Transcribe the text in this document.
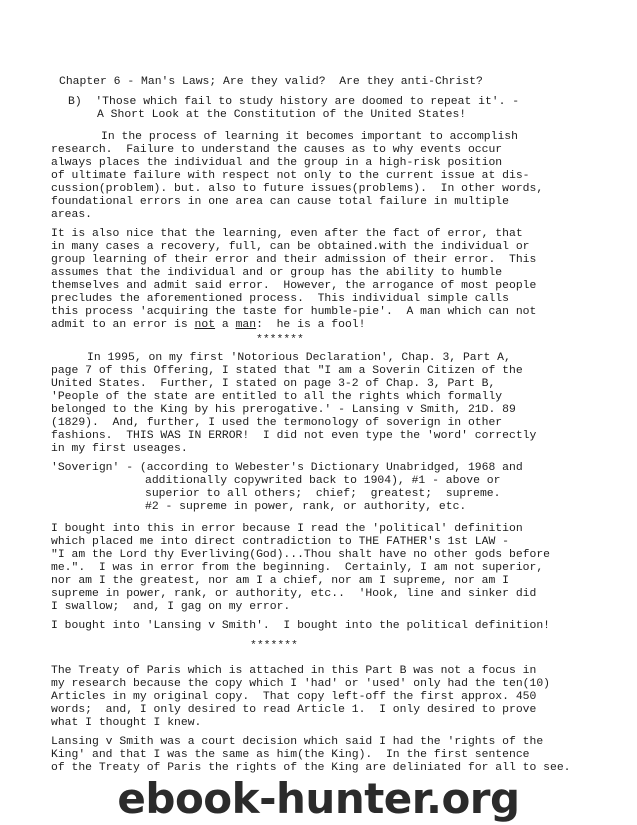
Chapter 6 - Man's Laws; Are they valid?  Are they anti-Christ?
B)  'Those which fail to study history are doomed to repeat it'. -
A Short Look at the Constitution of the United States!
In the process of learning it becomes important to accomplish
research.  Failure to understand the causes as to why events occur
always places the individual and the group in a high-risk position
of ultimate failure with respect not only to the current issue at dis-
cussion(problem). but. also to future issues(problems).  In other words,
foundational errors in one area can cause total failure in multiple
areas.
It is also nice that the learning, even after the fact of error, that
in many cases a recovery, full, can be obtained.with the individual or
group learning of their error and their admission of their error.  This
assumes that the individual and or group has the ability to humble
themselves and admit said error.  However, the arrogance of most people
precludes the aforementioned process.  This individual simple calls
this process 'acquiring the taste for humble-pie'.  A man which can not
admit to an error is not a man:  he is a fool!
*******
In 1995, on my first 'Notorious Declaration', Chap. 3, Part A,
page 7 of this Offering, I stated that "I am a Soverin Citizen of the
United States.  Further, I stated on page 3-2 of Chap. 3, Part B,
'People of the state are entitled to all the rights which formally
belonged to the King by his prerogative.' - Lansing v Smith, 21D. 89
(1829).  And, further, I used the termonology of soverign in other
fashions.  THIS WAS IN ERROR!  I did not even type the 'word' correctly
in my first useages.
'Soverign' - (according to Webester's Dictionary Unabridged, 1968 and
additionally copywrited back to 1904), #1 - above or
superior to all others;  chief;  greatest;  supreme.
#2 - supreme in power, rank, or authority, etc.
I bought into this in error because I read the 'political' definition
which placed me into direct contradiction to THE FATHER's 1st LAW -
"I am the Lord thy Everliving(God)...Thou shalt have no other gods before
me.".  I was in error from the beginning.  Certainly, I am not superior,
nor am I the greatest, nor am I a chief, nor am I supreme, nor am I
supreme in power, rank, or authority, etc..  'Hook, line and sinker did
I swallow;  and, I gag on my error.
I bought into 'Lansing v Smith'.  I bought into the political definition!
*******
The Treaty of Paris which is attached in this Part B was not a focus in
my research because the copy which I 'had' or 'used' only had the ten(10)
Articles in my original copy.  That copy left-off the first approx. 450
words;  and, I only desired to read Article 1.  I only desired to prove
what I thought I knew.
Lansing v Smith was a court decision which said I had the 'rights of the
King' and that I was the same as him(the King).  In the first sentence
of the Treaty of Paris the rights of the King are deliniated for all to see.
ebook-hunter.org
